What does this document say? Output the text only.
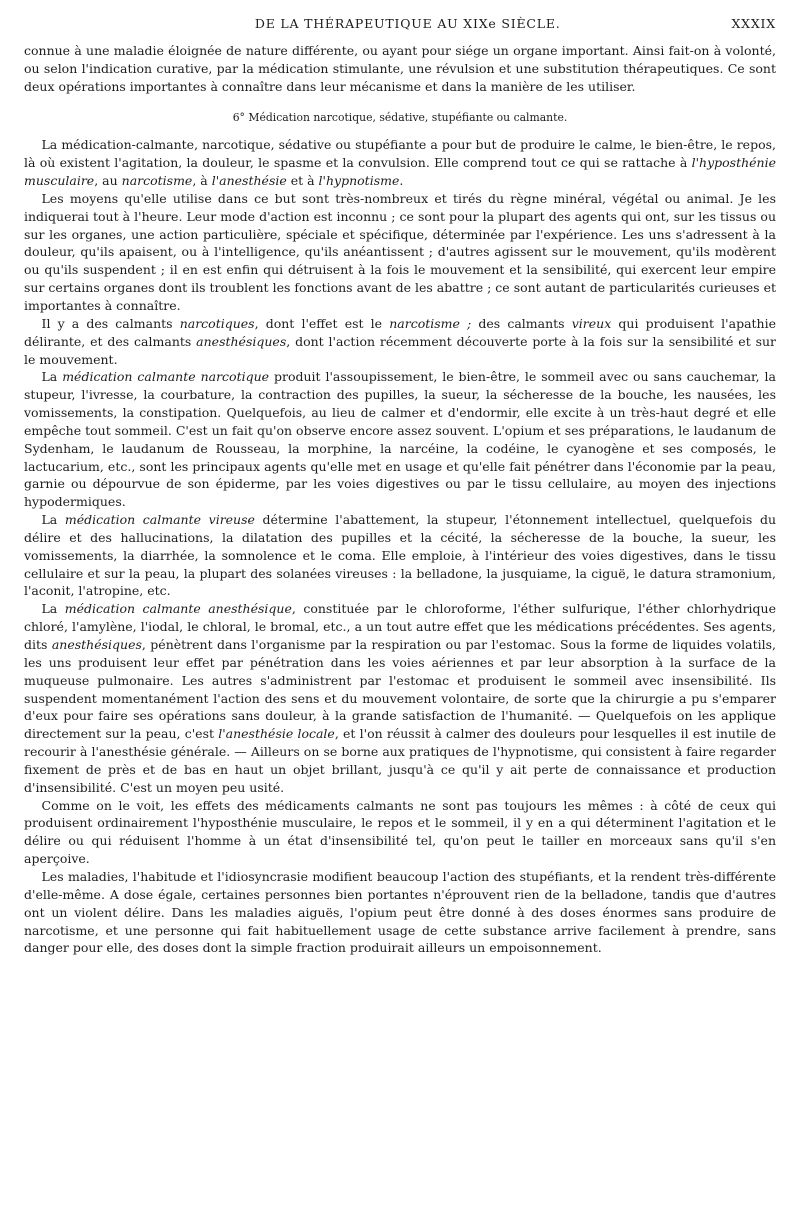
DE LA THÉRAPEUTIQUE AU XIXe SIÈCLE.	XXXIX

connue à une maladie éloignée de nature différente, ou ayant pour siége un organe important. Ainsi fait-on à volonté, ou selon l'indication curative, par la médication stimulante, une révulsion et une substitution thérapeutiques. Ce sont deux opérations importantes à connaître dans leur mécanisme et dans la manière de les utiliser.

6° Médication narcotique, sédative, stupéfiante ou calmante.

La médication-calmante, narcotique, sédative ou stupéfiante a pour but de produire le calme, le bien-être, le repos, là où existent l'agitation, la douleur, le spasme et la convulsion. Elle comprend tout ce qui se rattache à l'hyposthénie musculaire, au narcotisme, à l'anesthésie et à l'hypnotisme.

Les moyens qu'elle utilise dans ce but sont très-nombreux et tirés du règne minéral, végétal ou animal. Je les indiquerai tout à l'heure. Leur mode d'action est inconnu ; ce sont pour la plupart des agents qui ont, sur les tissus ou sur les organes, une action particulière, spéciale et spécifique, déterminée par l'expérience. Les uns s'adressent à la douleur, qu'ils apaisent, ou à l'intelligence, qu'ils anéantissent ; d'autres agissent sur le mouvement, qu'ils modèrent ou qu'ils suspendent ; il en est enfin qui détruisent à la fois le mouvement et la sensibilité, qui exercent leur empire sur certains organes dont ils troublent les fonctions avant de les abattre ; ce sont autant de particularités curieuses et importantes à connaître.

Il y a des calmants narcotiques, dont l'effet est le narcotisme ; des calmants vireux qui produisent l'apathie délirante, et des calmants anesthésiques, dont l'action récemment découverte porte à la fois sur la sensibilité et sur le mouvement.

La médication calmante narcotique produit l'assoupissement, le bien-être, le sommeil avec ou sans cauchemar, la stupeur, l'ivresse, la courbature, la contraction des pupilles, la sueur, la sécheresse de la bouche, les nausées, les vomissements, la constipation. Quelquefois, au lieu de calmer et d'endormir, elle excite à un très-haut degré et elle empêche tout sommeil. C'est un fait qu'on observe encore assez souvent. L'opium et ses préparations, le laudanum de Sydenham, le laudanum de Rousseau, la morphine, la narcéine, la codéine, le cyanogène et ses composés, le lactucarium, etc., sont les principaux agents qu'elle met en usage et qu'elle fait pénétrer dans l'économie par la peau, garnie ou dépourvue de son épiderme, par les voies digestives ou par le tissu cellulaire, au moyen des injections hypodermiques.

La médication calmante vireuse détermine l'abattement, la stupeur, l'étonnement intellectuel, quelquefois du délire et des hallucinations, la dilatation des pupilles et la cécité, la sécheresse de la bouche, la sueur, les vomissements, la diarrhée, la somnolence et le coma. Elle emploie, à l'intérieur des voies digestives, dans le tissu cellulaire et sur la peau, la plupart des solanées vireuses : la belladone, la jusquiame, la ciguë, le datura stramonium, l'aconit, l'atropine, etc.

La médication calmante anesthésique, constituée par le chloroforme, l'éther sulfurique, l'éther chlorhydrique chloré, l'amylène, l'iodal, le chloral, le bromal, etc., a un tout autre effet que les médications précédentes. Ses agents, dits anesthésiques, pénètrent dans l'organisme par la respiration ou par l'estomac. Sous la forme de liquides volatils, les uns produisent leur effet par pénétration dans les voies aériennes et par leur absorption à la surface de la muqueuse pulmonaire. Les autres s'administrent par l'estomac et produisent le sommeil avec insensibilité. Ils suspendent momentanément l'action des sens et du mouvement volontaire, de sorte que la chirurgie a pu s'emparer d'eux pour faire ses opérations sans douleur, à la grande satisfaction de l'humanité. — Quelquefois on les applique directement sur la peau, c'est l'anesthésie locale, et l'on réussit à calmer des douleurs pour lesquelles il est inutile de recourir à l'anesthésie générale. — Ailleurs on se borne aux pratiques de l'hypnotisme, qui consistent à faire regarder fixement de près et de bas en haut un objet brillant, jusqu'à ce qu'il y ait perte de connaissance et production d'insensibilité. C'est un moyen peu usité.

Comme on le voit, les effets des médicaments calmants ne sont pas toujours les mêmes : à côté de ceux qui produisent ordinairement l'hyposthénie musculaire, le repos et le sommeil, il y en a qui déterminent l'agitation et le délire ou qui réduisent l'homme à un état d'insensibilité tel, qu'on peut le tailler en morceaux sans qu'il s'en aperçoive.

Les maladies, l'habitude et l'idiosyncrasie modifient beaucoup l'action des stupéfiants, et la rendent très-différente d'elle-même. A dose égale, certaines personnes bien portantes n'éprouvent rien de la belladone, tandis que d'autres ont un violent délire. Dans les maladies aiguës, l'opium peut être donné à des doses énormes sans produire de narcotisme, et une personne qui fait habituellement usage de cette substance arrive facilement à prendre, sans danger pour elle, des doses dont la simple fraction produirait ailleurs un empoisonnement.
